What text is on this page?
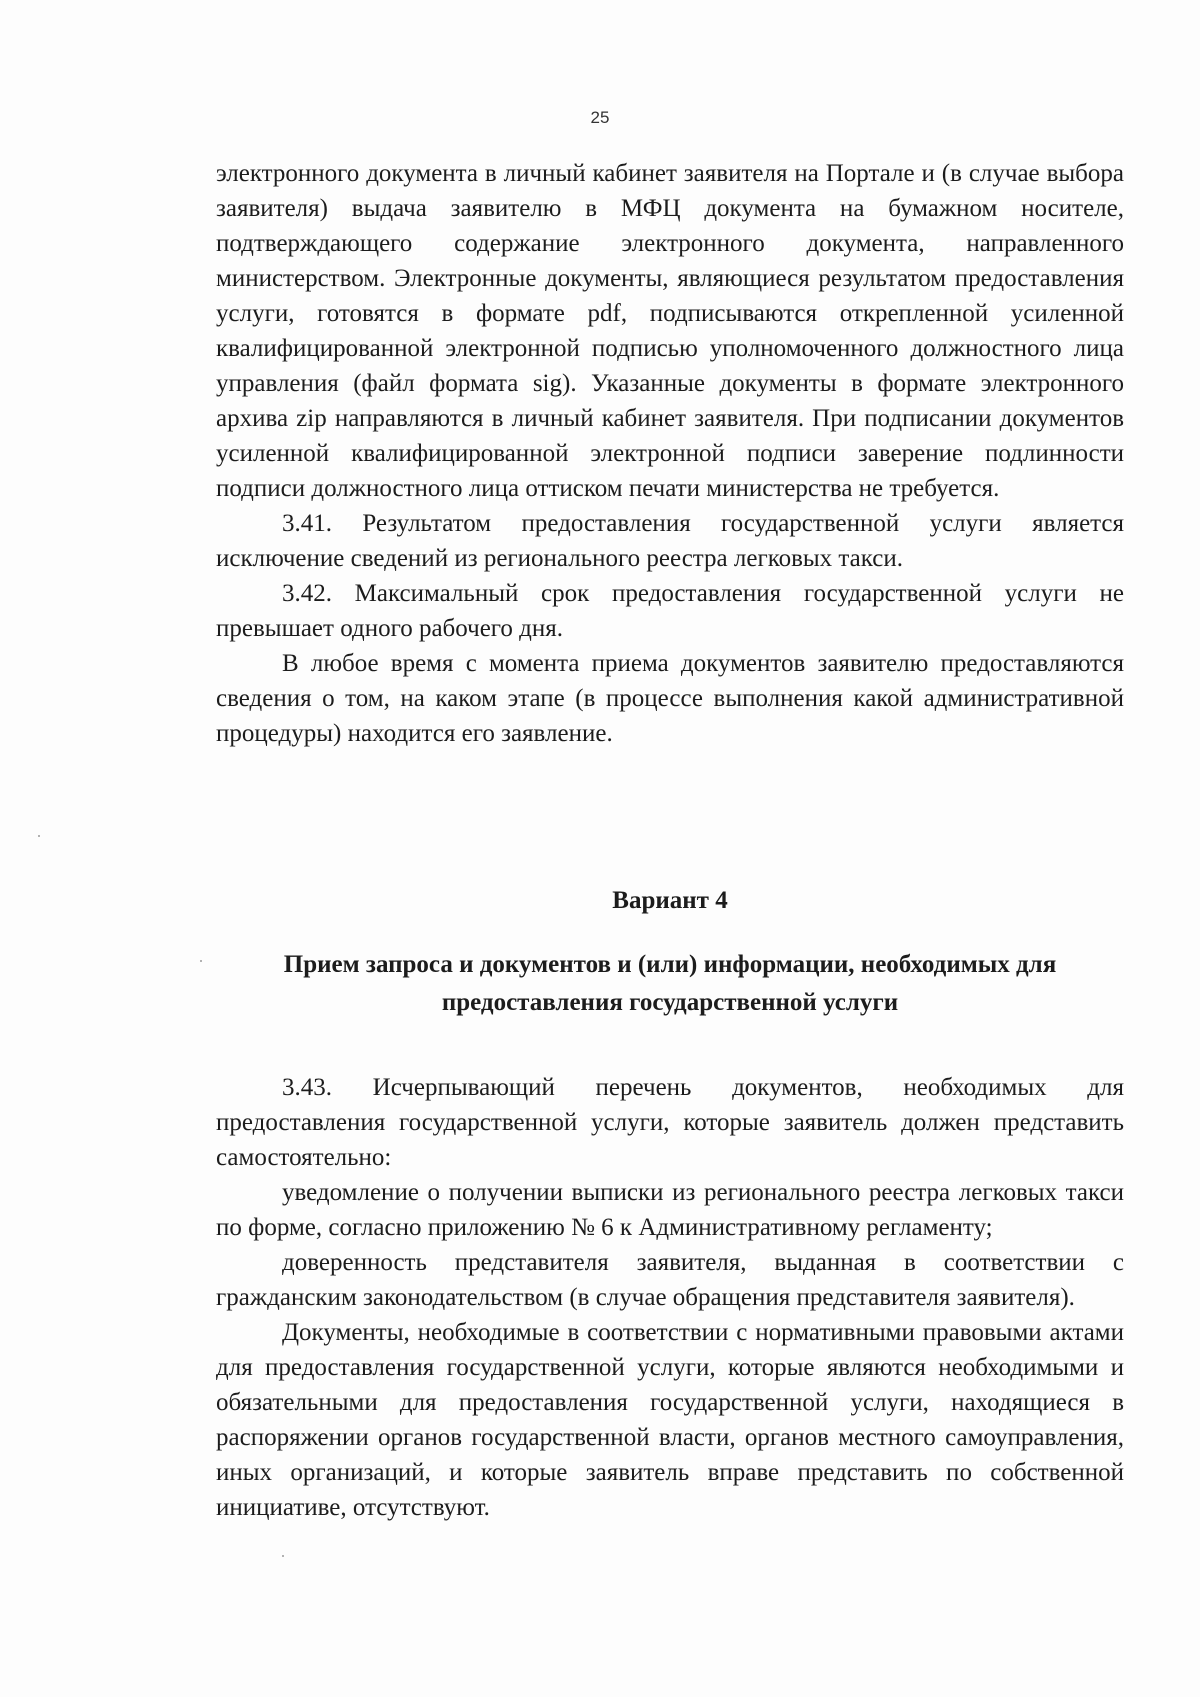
25

электронного документа в личный кабинет заявителя на Портале и (в случае выбора заявителя) выдача заявителю в МФЦ документа на бумажном носителе, подтверждающего содержание электронного документа, направленного министерством. Электронные документы, являющиеся результатом предоставления услуги, готовятся в формате pdf, подписываются открепленной усиленной квалифицированной электронной подписью уполномоченного должностного лица управления (файл формата sig). Указанные документы в формате электронного архива zip направляются в личный кабинет заявителя. При подписании документов усиленной квалифицированной электронной подписи заверение подлинности подписи должностного лица оттиском печати министерства не требуется.

3.41. Результатом предоставления государственной услуги является исключение сведений из регионального реестра легковых такси.

3.42. Максимальный срок предоставления государственной услуги не превышает одного рабочего дня.

В любое время с момента приема документов заявителю предоставляются сведения о том, на каком этапе (в процессе выполнения какой административной процедуры) находится его заявление.

Вариант 4
Прием запроса и документов и (или) информации, необходимых для предоставления государственной услуги

3.43. Исчерпывающий перечень документов, необходимых для предоставления государственной услуги, которые заявитель должен представить самостоятельно:

уведомление о получении выписки из регионального реестра легковых такси по форме, согласно приложению № 6 к Административному регламенту;

доверенность представителя заявителя, выданная в соответствии с гражданским законодательством (в случае обращения представителя заявителя).

Документы, необходимые в соответствии с нормативными правовыми актами для предоставления государственной услуги, которые являются необходимыми и обязательными для предоставления государственной услуги, находящиеся в распоряжении органов государственной власти, органов местного самоуправления, иных организаций, и которые заявитель вправе представить по собственной инициативе, отсутствуют.
